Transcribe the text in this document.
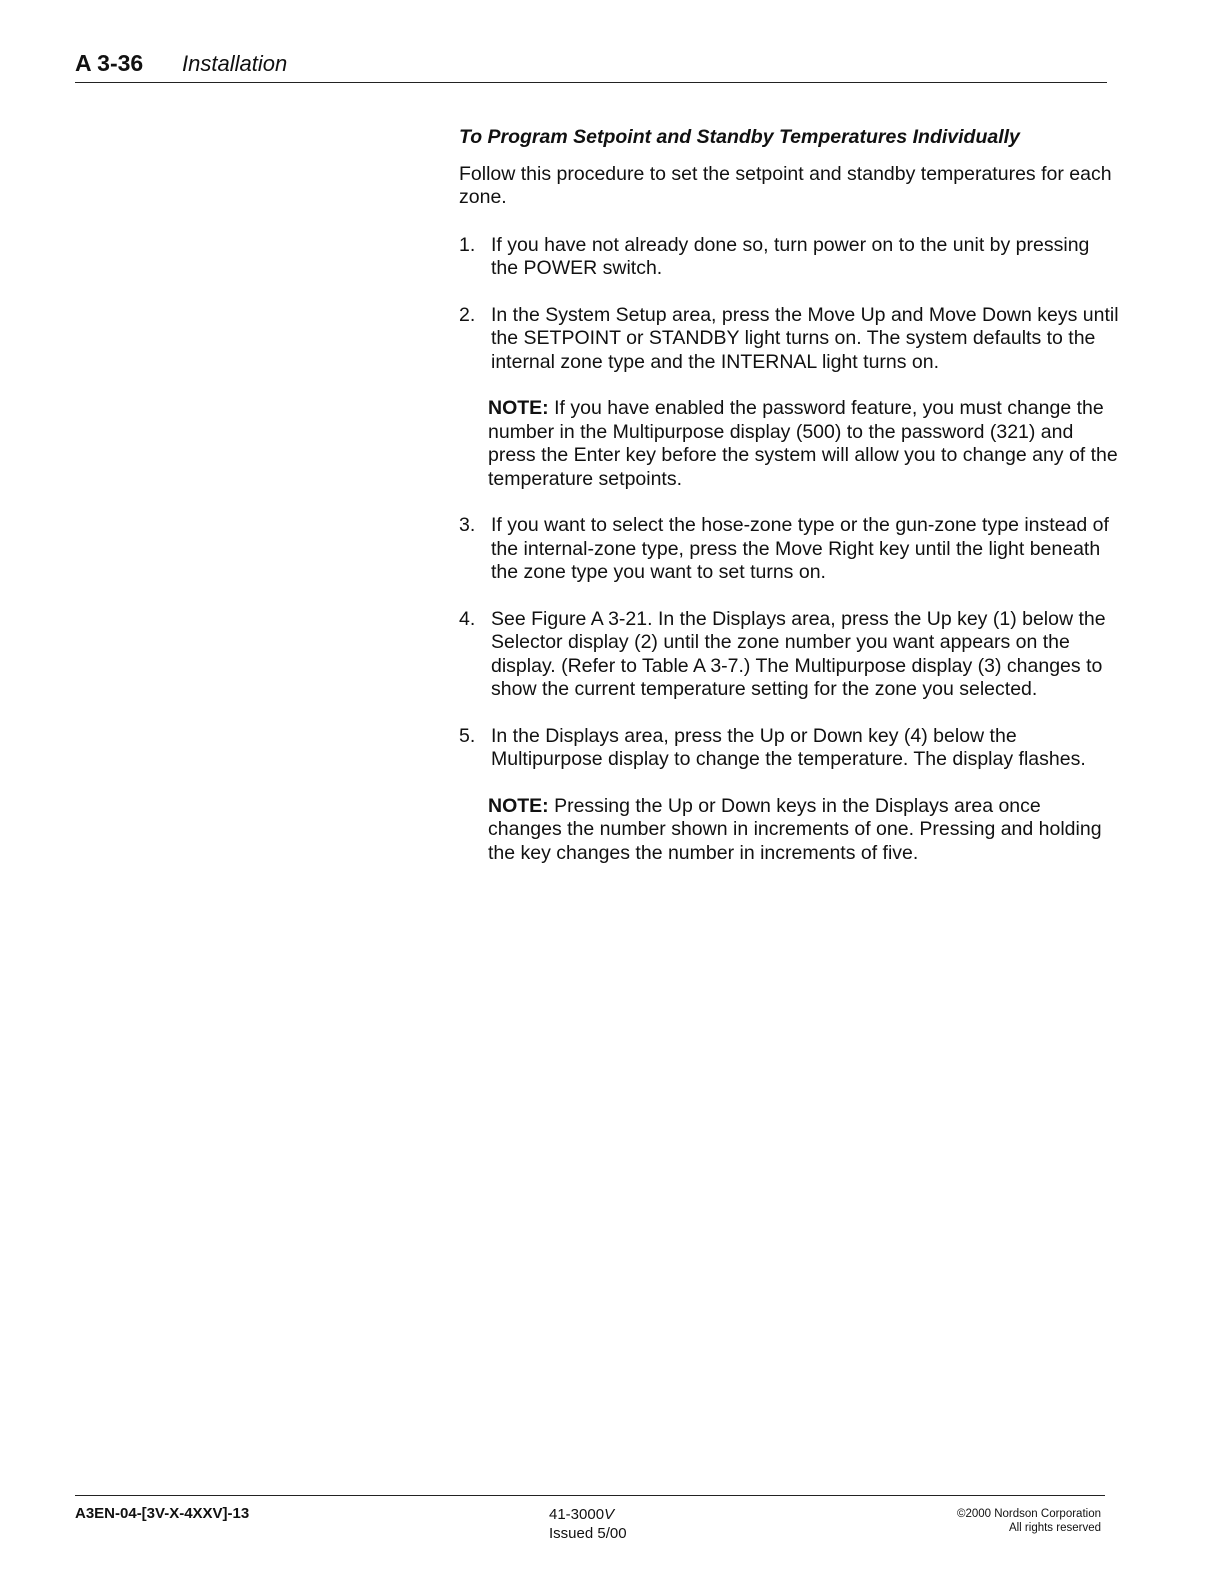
A 3-36 Installation
To Program Setpoint and Standby Temperatures Individually

Follow this procedure to set the setpoint and standby temperatures for each zone.

1. If you have not already done so, turn power on to the unit by pressing the POWER switch.
2. In the System Setup area, press the Move Up and Move Down keys until the SETPOINT or STANDBY light turns on. The system defaults to the internal zone type and the INTERNAL light turns on.
NOTE: If you have enabled the password feature, you must change the number in the Multipurpose display (500) to the password (321) and press the Enter key before the system will allow you to change any of the temperature setpoints.
3. If you want to select the hose-zone type or the gun-zone type instead of the internal-zone type, press the Move Right key until the light beneath the zone type you want to set turns on.
4. See Figure A 3-21. In the Displays area, press the Up key (1) below the Selector display (2) until the zone number you want appears on the display. (Refer to Table A 3-7.) The Multipurpose display (3) changes to show the current temperature setting for the zone you selected.
5. In the Displays area, press the Up or Down key (4) below the Multipurpose display to change the temperature. The display flashes.
NOTE: Pressing the Up or Down keys in the Displays area once changes the number shown in increments of one. Pressing and holding the key changes the number in increments of five.
A3EN-04-[3V-X-4XXV]-13	41-3000V
Issued 5/00
©2000 Nordson Corporation
All rights reserved
